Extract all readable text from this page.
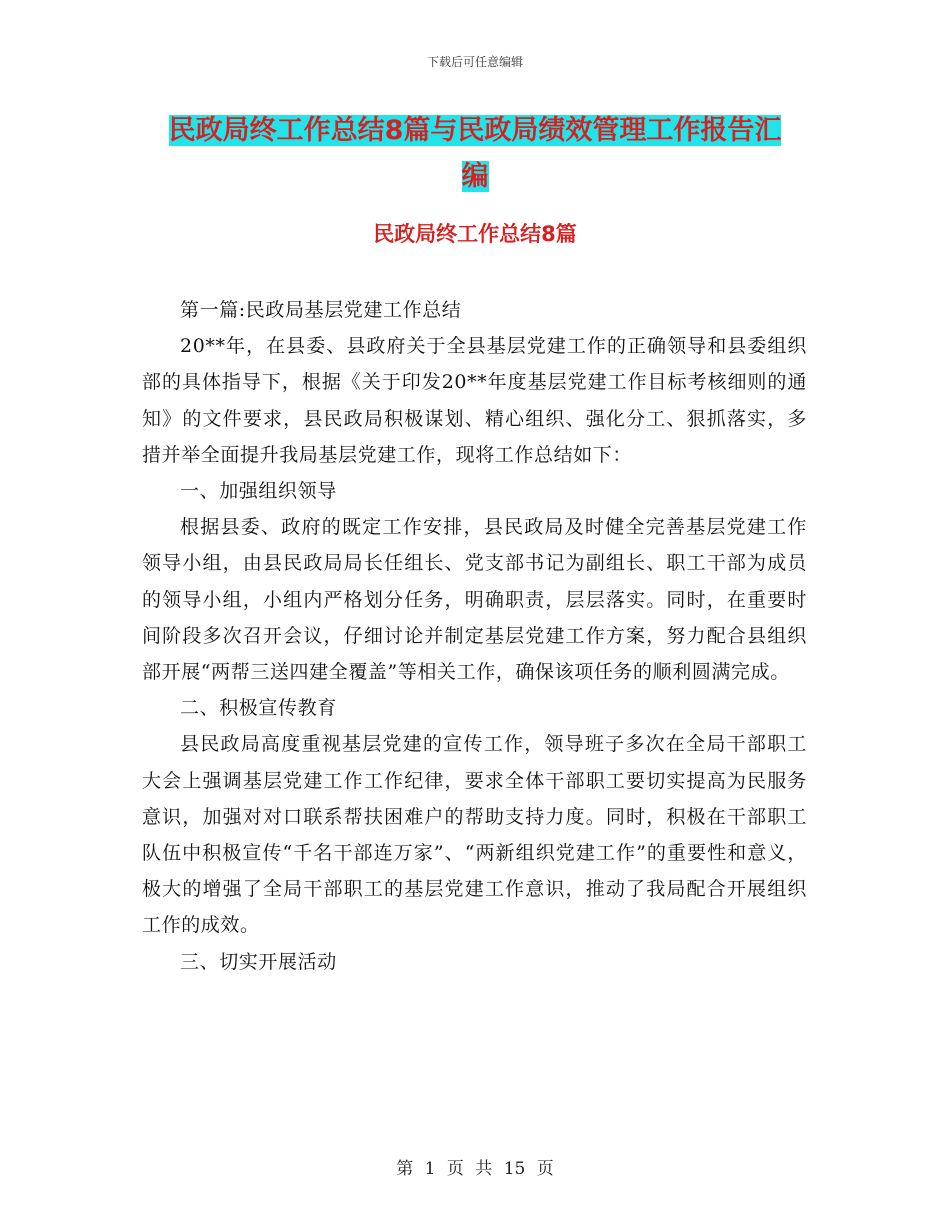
下载后可任意编辑
民政局终工作总结8篇与民政局绩效管理工作报告汇
编
民政局终工作总结8篇

第一篇:民政局基层党建工作总结

20**年，在县委、县政府关于全县基层党建工作的正确领导和县委组织部的具体指导下，根据《关于印发20**年度基层党建工作目标考核细则的通知》的文件要求，县民政局积极谋划、精心组织、强化分工、狠抓落实，多措并举全面提升我局基层党建工作，现将工作总结如下：

一、加强组织领导

根据县委、政府的既定工作安排，县民政局及时健全完善基层党建工作领导小组，由县民政局局长任组长、党支部书记为副组长、职工干部为成员的领导小组，小组内严格划分任务，明确职责，层层落实。同时，在重要时间阶段多次召开会议，仔细讨论并制定基层党建工作方案，努力配合县组织部开展“两帮三送四建全覆盖”等相关工作，确保该项任务的顺利圆满完成。

二、积极宣传教育

县民政局高度重视基层党建的宣传工作，领导班子多次在全局干部职工大会上强调基层党建工作工作纪律，要求全体干部职工要切实提高为民服务意识，加强对对口联系帮扶困难户的帮助支持力度。同时，积极在干部职工队伍中积极宣传“千名干部连万家”、“两新组织党建工作”的重要性和意义，极大的增强了全局干部职工的基层党建工作意识，推动了我局配合开展组织工作的成效。

三、切实开展活动

第 1 页 共 15 页
